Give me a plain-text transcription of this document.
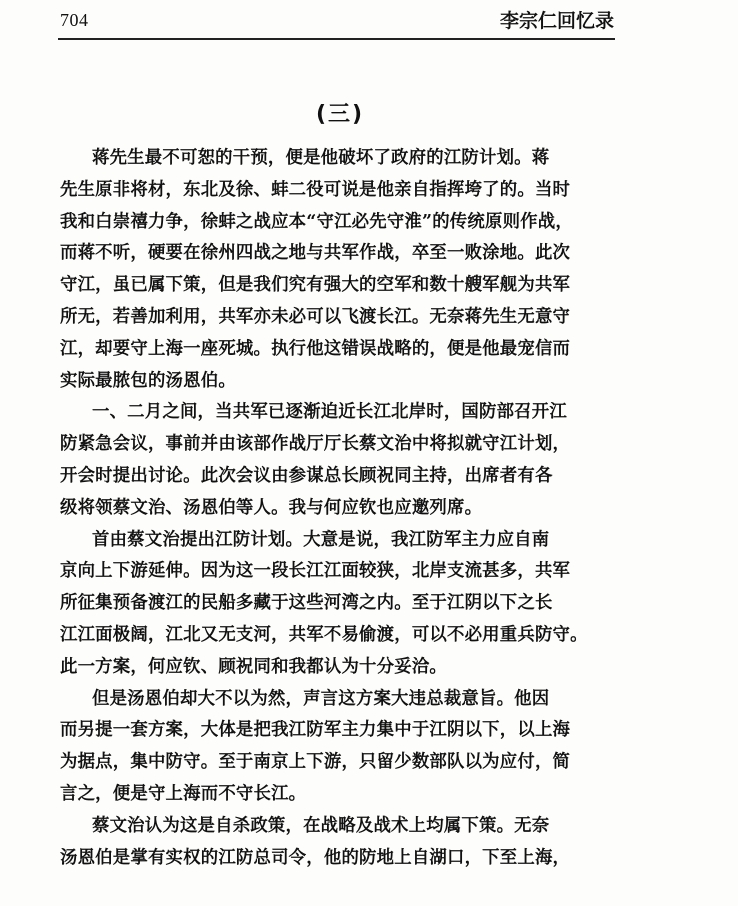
704	李宗仁回忆录
(三)
蒋先生最不可恕的干预，便是他破坏了政府的江防计划。蒋
先生原非将材，东北及徐、蚌二役可说是他亲自指挥垮了的。当时
我和白崇禧力争，徐蚌之战应本“守江必先守淮”的传统原则作战，
而蒋不听，硬要在徐州四战之地与共军作战，卒至一败涂地。此次
守江，虽已属下策，但是我们究有强大的空军和数十艘军舰为共军
所无，若善加利用，共军亦未必可以飞渡长江。无奈蒋先生无意守
江，却要守上海一座死城。执行他这错误战略的，便是他最宠信而
实际最脓包的汤恩伯。
一、二月之间，当共军已逐渐迫近长江北岸时，国防部召开江
防紧急会议，事前并由该部作战厅厅长蔡文治中将拟就守江计划，
开会时提出讨论。此次会议由参谋总长顾祝同主持，出席者有各
级将领蔡文治、汤恩伯等人。我与何应钦也应邀列席。
首由蔡文治提出江防计划。大意是说，我江防军主力应自南
京向上下游延伸。因为这一段长江江面较狭，北岸支流甚多，共军
所征集预备渡江的民船多藏于这些河湾之内。至于江阴以下之长
江江面极阔，江北又无支河，共军不易偷渡，可以不必用重兵防守。
此一方案，何应钦、顾祝同和我都认为十分妥洽。
但是汤恩伯却大不以为然，声言这方案大违总裁意旨。他因
而另提一套方案，大体是把我江防军主力集中于江阴以下，以上海
为据点，集中防守。至于南京上下游，只留少数部队以为应付，简
言之，便是守上海而不守长江。
蔡文治认为这是自杀政策，在战略及战术上均属下策。无奈
汤恩伯是掌有实权的江防总司令，他的防地上自湖口，下至上海，
